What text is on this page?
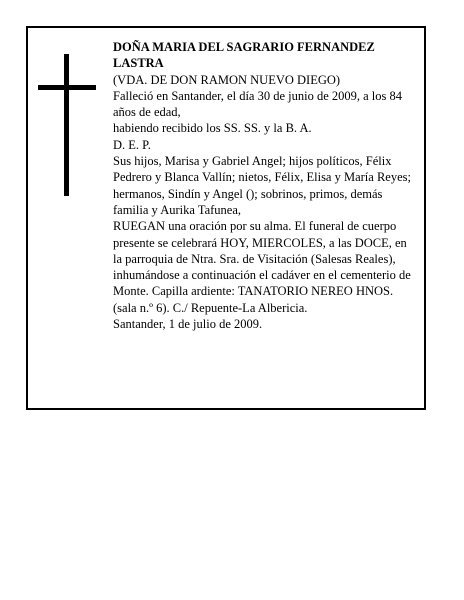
DOÑA MARIA DEL SAGRARIO FERNANDEZ LASTRA
(VDA. DE DON RAMON NUEVO DIEGO)
Falleció en Santander, el día 30 de junio de 2009, a los 84 años de edad,
habiendo recibido los SS. SS. y la B. A.
D. E. P.
Sus hijos, Marisa y Gabriel Angel; hijos políticos, Félix Pedrero y Blanca Vallín; nietos, Félix, Elisa y María Reyes; hermanos, Sindín y Angel (); sobrinos, primos, demás familia y Aurika Tafunea,
RUEGAN una oración por su alma. El funeral de cuerpo presente se celebrará HOY, MIERCOLES, a las DOCE, en la parroquia de Ntra. Sra. de Visitación (Salesas Reales), inhumándose a continuación el cadáver en el cementerio de Monte. Capilla ardiente: TANATORIO NEREO HNOS. (sala n.º 6). C./ Repuente-La Albericia.
Santander, 1 de julio de 2009.
